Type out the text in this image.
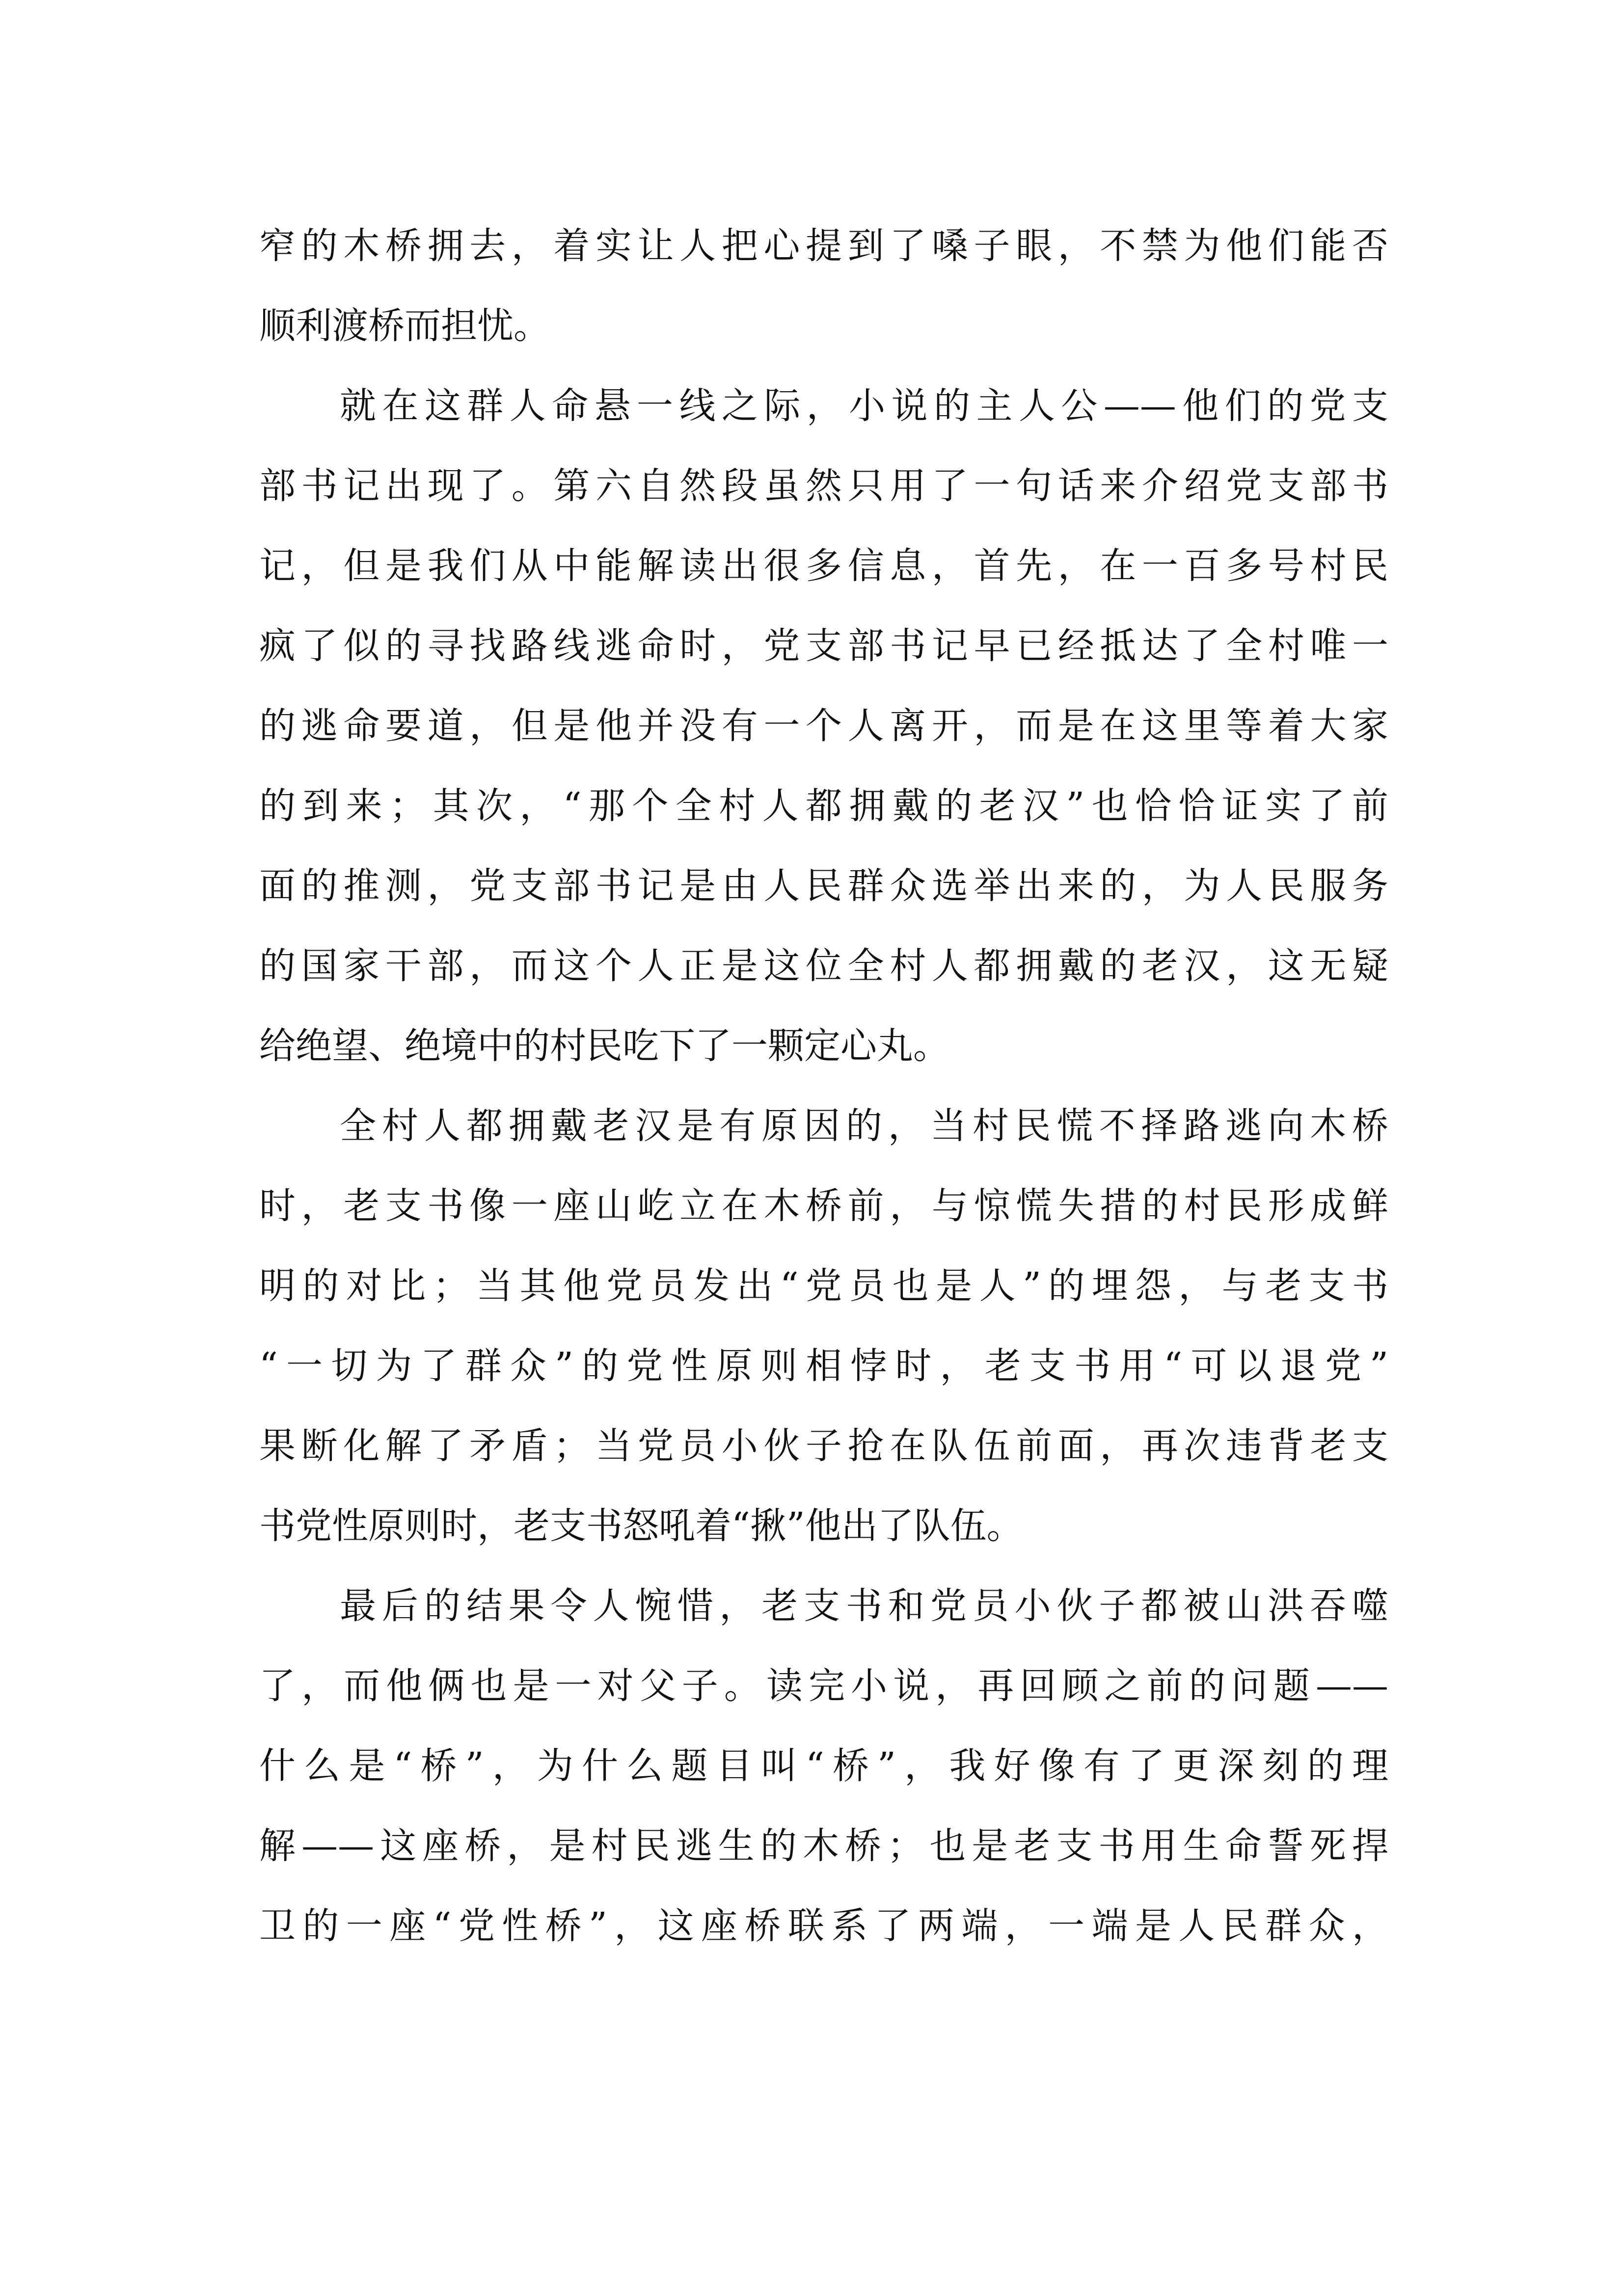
窄的木桥拥去，着实让人把心提到了嗓子眼，不禁为他们能否
顺利渡桥而担忧。
就在这群人命悬一线之际，小说的主人公——他们的党支
部书记出现了。第六自然段虽然只用了一句话来介绍党支部书
记，但是我们从中能解读出很多信息，首先，在一百多号村民
疯了似的寻找路线逃命时，党支部书记早已经抵达了全村唯一
的逃命要道，但是他并没有一个人离开，而是在这里等着大家
的到来；其次，“那个全村人都拥戴的老汉”也恰恰证实了前
面的推测，党支部书记是由人民群众选举出来的，为人民服务
的国家干部，而这个人正是这位全村人都拥戴的老汉，这无疑
给绝望、绝境中的村民吃下了一颗定心丸。
全村人都拥戴老汉是有原因的，当村民慌不择路逃向木桥
时，老支书像一座山屹立在木桥前，与惊慌失措的村民形成鲜
明的对比；当其他党员发出“党员也是人”的埋怨，与老支书
“一切为了群众”的党性原则相悖时，老支书用“可以退党”
果断化解了矛盾；当党员小伙子抢在队伍前面，再次违背老支
书党性原则时，老支书怒吼着“揪”他出了队伍。
最后的结果令人惋惜，老支书和党员小伙子都被山洪吞噬
了，而他俩也是一对父子。读完小说，再回顾之前的问题——
什么是“桥”，为什么题目叫“桥”，我好像有了更深刻的理
解——这座桥，是村民逃生的木桥；也是老支书用生命誓死捍
卫的一座“党性桥”，这座桥联系了两端，一端是人民群众，
